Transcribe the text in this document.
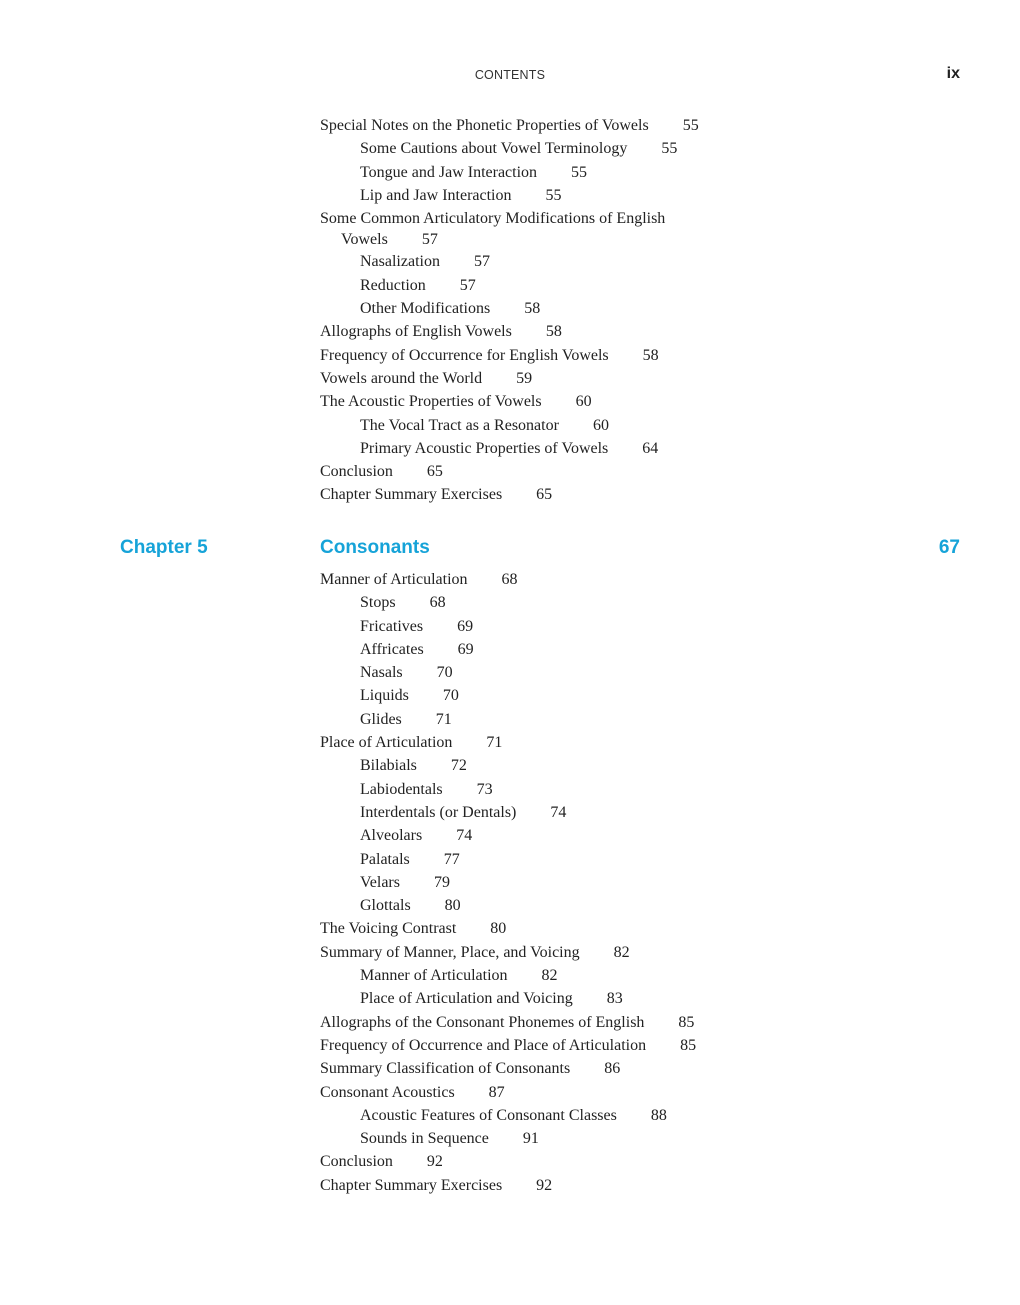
CONTENTS	ix
Special Notes on the Phonetic Properties of Vowels 55
Some Cautions about Vowel Terminology 55
Tongue and Jaw Interaction 55
Lip and Jaw Interaction 55
Some Common Articulatory Modifications of English
Vowels 57
Nasalization 57
Reduction 57
Other Modifications 58
Allographs of English Vowels 58
Frequency of Occurrence for English Vowels 58
Vowels around the World 59
The Acoustic Properties of Vowels 60
The Vocal Tract as a Resonator 60
Primary Acoustic Properties of Vowels 64
Conclusion 65
Chapter Summary Exercises 65
Chapter 5	Consonants	67
Manner of Articulation 68
Stops 68
Fricatives 69
Affricates 69
Nasals 70
Liquids 70
Glides 71
Place of Articulation 71
Bilabials 72
Labiodentals 73
Interdentals (or Dentals) 74
Alveolars 74
Palatals 77
Velars 79
Glottals 80
The Voicing Contrast 80
Summary of Manner, Place, and Voicing 82
Manner of Articulation 82
Place of Articulation and Voicing 83
Allographs of the Consonant Phonemes of English 85
Frequency of Occurrence and Place of Articulation 85
Summary Classification of Consonants 86
Consonant Acoustics 87
Acoustic Features of Consonant Classes 88
Sounds in Sequence 91
Conclusion 92
Chapter Summary Exercises 92
